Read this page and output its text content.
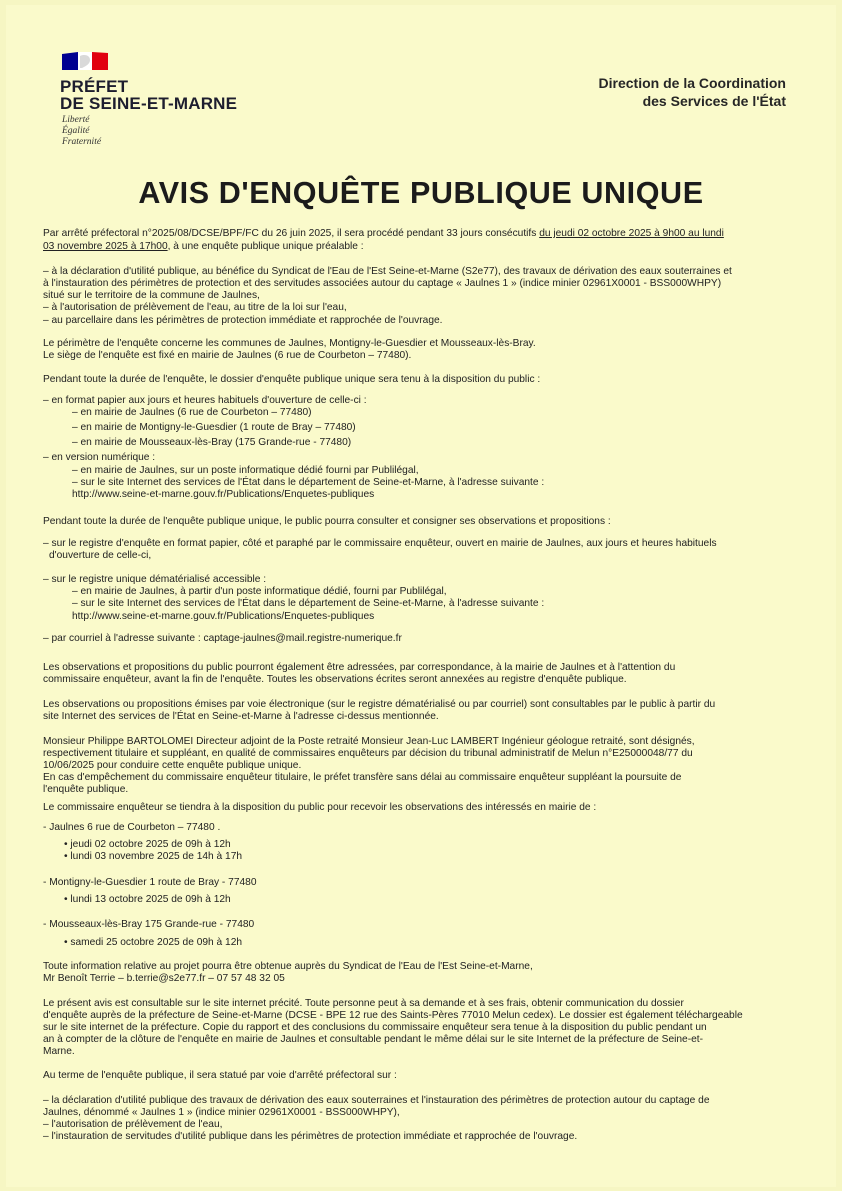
PRÉFET
DE SEINE-ET-MARNE
Liberté
Égalité
Fraternité
Direction de la Coordination
des Services de l'État
AVIS D'ENQUÊTE PUBLIQUE UNIQUE
Par arrêté préfectoral n°2025/08/DCSE/BPF/FC du 26 juin 2025, il sera procédé pendant 33 jours consécutifs du jeudi 02 octobre 2025 à 9h00 au lundi
03 novembre 2025 à 17h00, à une enquête publique unique préalable :
– à la déclaration d'utilité publique, au bénéfice du Syndicat de l'Eau de l'Est Seine-et-Marne (S2e77), des travaux de dérivation des eaux souterraines et
à l'instauration des périmètres de protection et des servitudes associées autour du captage « Jaulnes 1 » (indice minier 02961X0001 - BSS000WHPY)
situé sur le territoire de la commune de Jaulnes,
– à l'autorisation de prélèvement de l'eau, au titre de la loi sur l'eau,
– au parcellaire dans les périmètres de protection immédiate et rapprochée de l'ouvrage.
Le périmètre de l'enquête concerne les communes de Jaulnes, Montigny-le-Guesdier et Mousseaux-lès-Bray.
Le siège de l'enquête est fixé en mairie de Jaulnes (6 rue de Courbeton – 77480).
Pendant toute la durée de l'enquête, le dossier d'enquête publique unique sera tenu à la disposition du public :
– en format papier aux jours et heures habituels d'ouverture de celle-ci :
– en mairie de Jaulnes (6 rue de Courbeton – 77480)
– en mairie de Montigny-le-Guesdier (1 route de Bray – 77480)
– en mairie de Mousseaux-lès-Bray (175 Grande-rue - 77480)
– en version numérique :
– en mairie de Jaulnes, sur un poste informatique dédié fourni par Publilégal,
– sur le site Internet des services de l'État dans le département de Seine-et-Marne, à l'adresse suivante :
http://www.seine-et-marne.gouv.fr/Publications/Enquetes-publiques
Pendant toute la durée de l'enquête publique unique, le public pourra consulter et consigner ses observations et propositions :
– sur le registre d'enquête en format papier, côté et paraphé par le commissaire enquêteur, ouvert en mairie de Jaulnes, aux jours et heures habituels
d'ouverture de celle-ci,
– sur le registre unique dématérialisé accessible :
– en mairie de Jaulnes, à partir d'un poste informatique dédié, fourni par Publilégal,
– sur le site Internet des services de l'État dans le département de Seine-et-Marne, à l'adresse suivante :
http://www.seine-et-marne.gouv.fr/Publications/Enquetes-publiques
– par courriel à l'adresse suivante : captage-jaulnes@mail.registre-numerique.fr
Les observations et propositions du public pourront également être adressées, par correspondance, à la mairie de Jaulnes et à l'attention du
commissaire enquêteur, avant la fin de l'enquête. Toutes les observations écrites seront annexées au registre d'enquête publique.
Les observations ou propositions émises par voie électronique (sur le registre dématérialisé ou par courriel) sont consultables par le public à partir du
site Internet des services de l'État en Seine-et-Marne à l'adresse ci-dessus mentionnée.
Monsieur Philippe BARTOLOMEI Directeur adjoint de la Poste retraité Monsieur Jean-Luc LAMBERT Ingénieur géologue retraité, sont désignés,
respectivement titulaire et suppléant, en qualité de commissaires enquêteurs par décision du tribunal administratif de Melun n°E25000048/77 du
10/06/2025 pour conduire cette enquête publique unique.
En cas d'empêchement du commissaire enquêteur titulaire, le préfet transfère sans délai au commissaire enquêteur suppléant la poursuite de
l'enquête publique.
Le commissaire enquêteur se tiendra à la disposition du public pour recevoir les observations des intéressés en mairie de :
- Jaulnes 6 rue de Courbeton – 77480 .
• jeudi 02 octobre 2025 de 09h à 12h
• lundi 03 novembre 2025 de 14h à 17h
- Montigny-le-Guesdier 1 route de Bray - 77480
• lundi 13 octobre 2025 de 09h à 12h
- Mousseaux-lès-Bray 175 Grande-rue - 77480
• samedi 25 octobre 2025 de 09h à 12h
Toute information relative au projet pourra être obtenue auprès du Syndicat de l'Eau de l'Est Seine-et-Marne,
Mr Benoît Terrie – b.terrie@s2e77.fr – 07 57 48 32 05
Le présent avis est consultable sur le site internet précité. Toute personne peut à sa demande et à ses frais, obtenir communication du dossier
d'enquête auprès de la préfecture de Seine-et-Marne (DCSE - BPE 12 rue des Saints-Pères 77010 Melun cedex). Le dossier est également téléchargeable
sur le site internet de la préfecture. Copie du rapport et des conclusions du commissaire enquêteur sera tenue à la disposition du public pendant un
an à compter de la clôture de l'enquête en mairie de Jaulnes et consultable pendant le même délai sur le site Internet de la préfecture de Seine-et-
Marne.
Au terme de l'enquête publique, il sera statué par voie d'arrêté préfectoral sur :
– la déclaration d'utilité publique des travaux de dérivation des eaux souterraines et l'instauration des périmètres de protection autour du captage de
Jaulnes, dénommé « Jaulnes 1 » (indice minier 02961X0001 - BSS000WHPY),
– l'autorisation de prélèvement de l'eau,
– l'instauration de servitudes d'utilité publique dans les périmètres de protection immédiate et rapprochée de l'ouvrage.
